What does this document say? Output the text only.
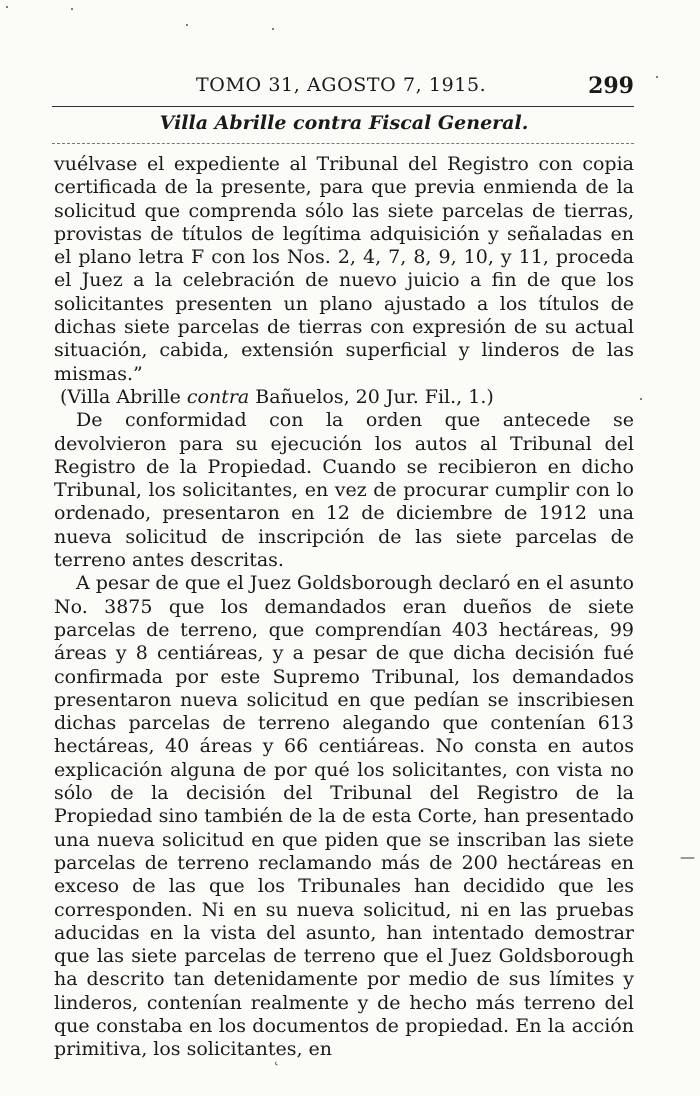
TOMO 31, AGOSTO 7, 1915.	299
Villa Abrille contra Fiscal General.

vuélvase el expediente al Tribunal del Registro con copia certificada de la presente, para que previa enmienda de la solicitud que comprenda sólo las siete parcelas de tierras, provistas de títulos de legítima adquisición y señaladas en el plano letra F con los Nos. 2, 4, 7, 8, 9, 10, y 11, proceda el Juez a la celebración de nuevo juicio a fin de que los solicitantes presenten un plano ajustado a los títulos de dichas siete parcelas de tierras con expresión de su actual situación, cabida, extensión superficial y linderos de las mismas.”

(Villa Abrille contra Bañuelos, 20 Jur. Fil., 1.)

De conformidad con la orden que antecede se devolvieron para su ejecución los autos al Tribunal del Registro de la Propiedad. Cuando se recibieron en dicho Tribunal, los solicitantes, en vez de procurar cumplir con lo ordenado, presentaron en 12 de diciembre de 1912 una nueva solicitud de inscripción de las siete parcelas de terreno antes descritas.

A pesar de que el Juez Goldsborough declaró en el asunto No. 3875 que los demandados eran dueños de siete parcelas de terreno, que comprendían 403 hectáreas, 99 áreas y 8 centiáreas, y a pesar de que dicha decisión fué confirmada por este Supremo Tribunal, los demandados presentaron nueva solicitud en que pedían se inscribiesen dichas parcelas de terreno alegando que contenían 613 hectáreas, 40 áreas y 66 centiáreas. No consta en autos explicación alguna de por qué los solicitantes, con vista no sólo de la decisión del Tribunal del Registro de la Propiedad sino también de la de esta Corte, han presentado una nueva solicitud en que piden que se inscriban las siete parcelas de terreno reclamando más de 200 hectáreas en exceso de las que los Tribunales han decidido que les corresponden. Ni en su nueva solicitud, ni en las pruebas aducidas en la vista del asunto, han intentado demostrar que las siete parcelas de terreno que el Juez Goldsborough ha descrito tan detenidamente por medio de sus límites y linderos, contenían realmente y de hecho más terreno del que constaba en los documentos de propiedad. En la acción primitiva, los solicitantes, en

—
ʿ
